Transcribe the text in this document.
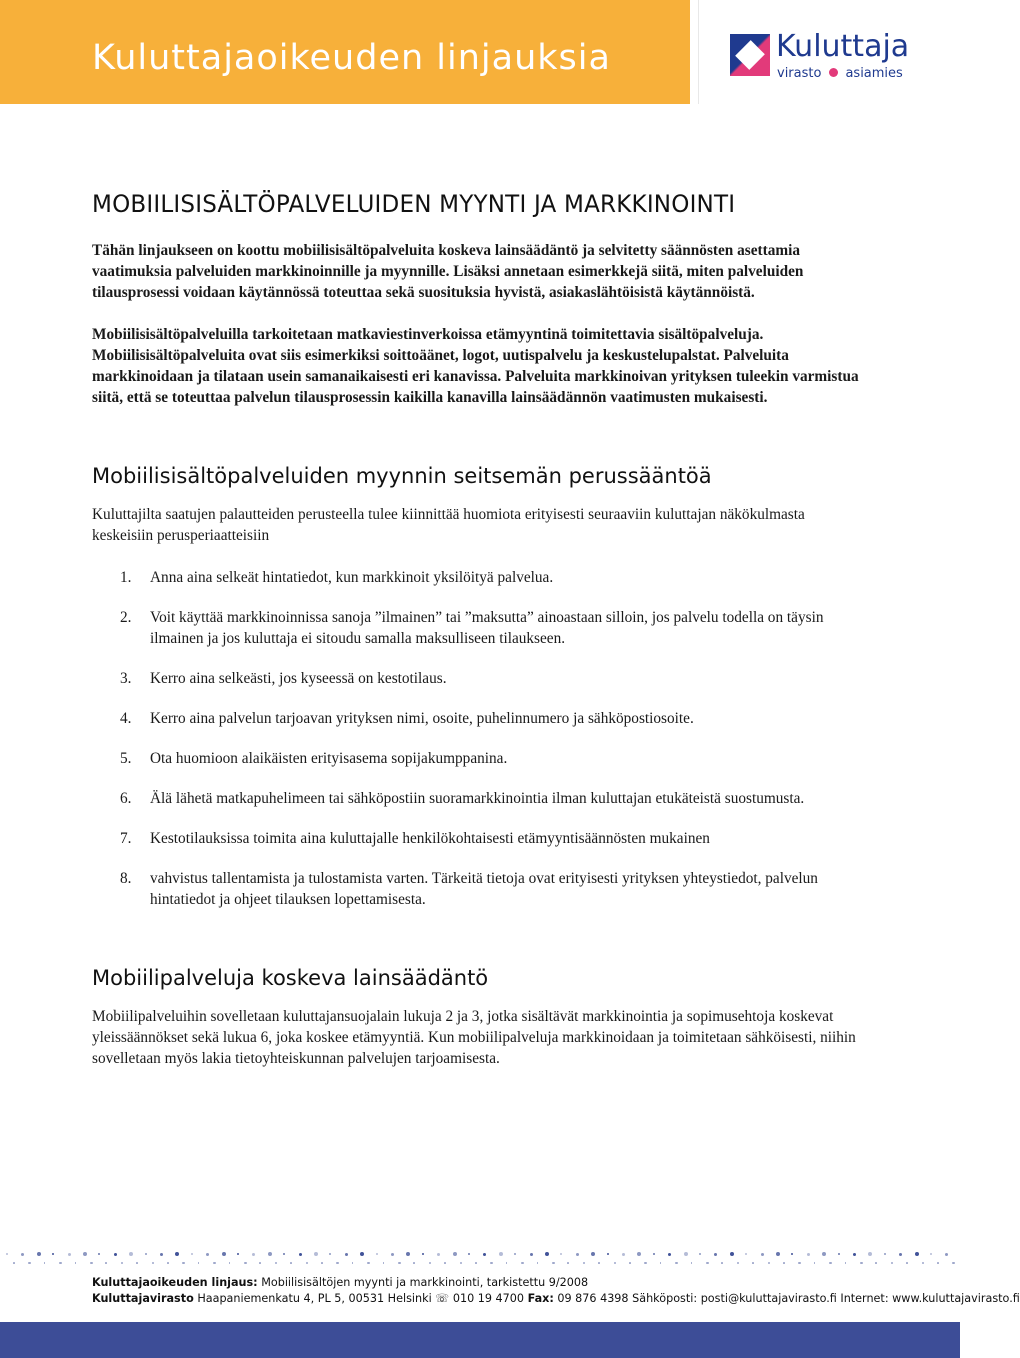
Kuluttajaoikeuden linjauksia	Kuluttaja
virasto asiamies
MOBIILISISÄLTÖPALVELUIDEN MYYNTI JA MARKKINOINTI

Tähän linjaukseen on koottu mobiilisisältöpalveluita koskeva lainsäädäntö ja selvitetty säännösten asettamia vaatimuksia palveluiden markkinoinnille ja myynnille. Lisäksi annetaan esimerkkejä siitä, miten palveluiden tilausprosessi voidaan käytännössä toteuttaa sekä suosituksia hyvistä, asiakaslähtöisistä käytännöistä.

Mobiilisisältöpalveluilla tarkoitetaan matkaviestinverkoissa etämyyntinä toimitettavia sisältöpalveluja. Mobiilisisältöpalveluita ovat siis esimerkiksi soittoäänet, logot, uutispalvelu ja keskustelupalstat. Palveluita markkinoidaan ja tilataan usein samanaikaisesti eri kanavissa. Palveluita markkinoivan yrityksen tuleekin varmistua siitä, että se toteuttaa palvelun tilausprosessin kaikilla kanavilla lainsäädännön vaatimusten mukaisesti.

Mobiilisisältöpalveluiden myynnin seitsemän perussääntöä

Kuluttajilta saatujen palautteiden perusteella tulee kiinnittää huomiota erityisesti seuraaviin kuluttajan näkökulmasta keskeisiin perusperiaatteisiin

1. Anna aina selkeät hintatiedot, kun markkinoit yksilöityä palvelua.
2. Voit käyttää markkinoinnissa sanoja ”ilmainen” tai ”maksutta” ainoastaan silloin, jos palvelu todella on täysin ilmainen ja jos kuluttaja ei sitoudu samalla maksulliseen tilaukseen.
3. Kerro aina selkeästi, jos kyseessä on kestotilaus.
4. Kerro aina palvelun tarjoavan yrityksen nimi, osoite, puhelinnumero ja sähköpostiosoite.
5. Ota huomioon alaikäisten erityisasema sopijakumppanina.
6. Älä lähetä matkapuhelimeen tai sähköpostiin suoramarkkinointia ilman kuluttajan etukäteistä suostumusta.
7. Kestotilauksissa toimita aina kuluttajalle henkilökohtaisesti etämyyntisäännösten mukainen
8. vahvistus tallentamista ja tulostamista varten. Tärkeitä tietoja ovat erityisesti yrityksen yhteystiedot, palvelun hintatiedot ja ohjeet tilauksen lopettamisesta.
Mobiilipalveluja koskeva lainsäädäntö

Mobiilipalveluihin sovelletaan kuluttajansuojalain lukuja 2 ja 3, jotka sisältävät markkinointia ja sopimusehtoja koskevat yleissäännökset sekä lukua 6, joka koskee etämyyntiä. Kun mobiilipalveluja markkinoidaan ja toimitetaan sähköisesti, niihin sovelletaan myös lakia tietoyhteiskunnan palvelujen tarjoamisesta.

Kuluttajaoikeuden linjaus: Mobiilisisältöjen myynti ja markkinointi, tarkistettu 9/2008
Kuluttajavirasto Haapaniemenkatu 4, PL 5, 00531 Helsinki ☏ 010 19 4700 Fax: 09 876 4398 Sähköposti: posti@kuluttajavirasto.fi Internet: www.kuluttajavirasto.fi
